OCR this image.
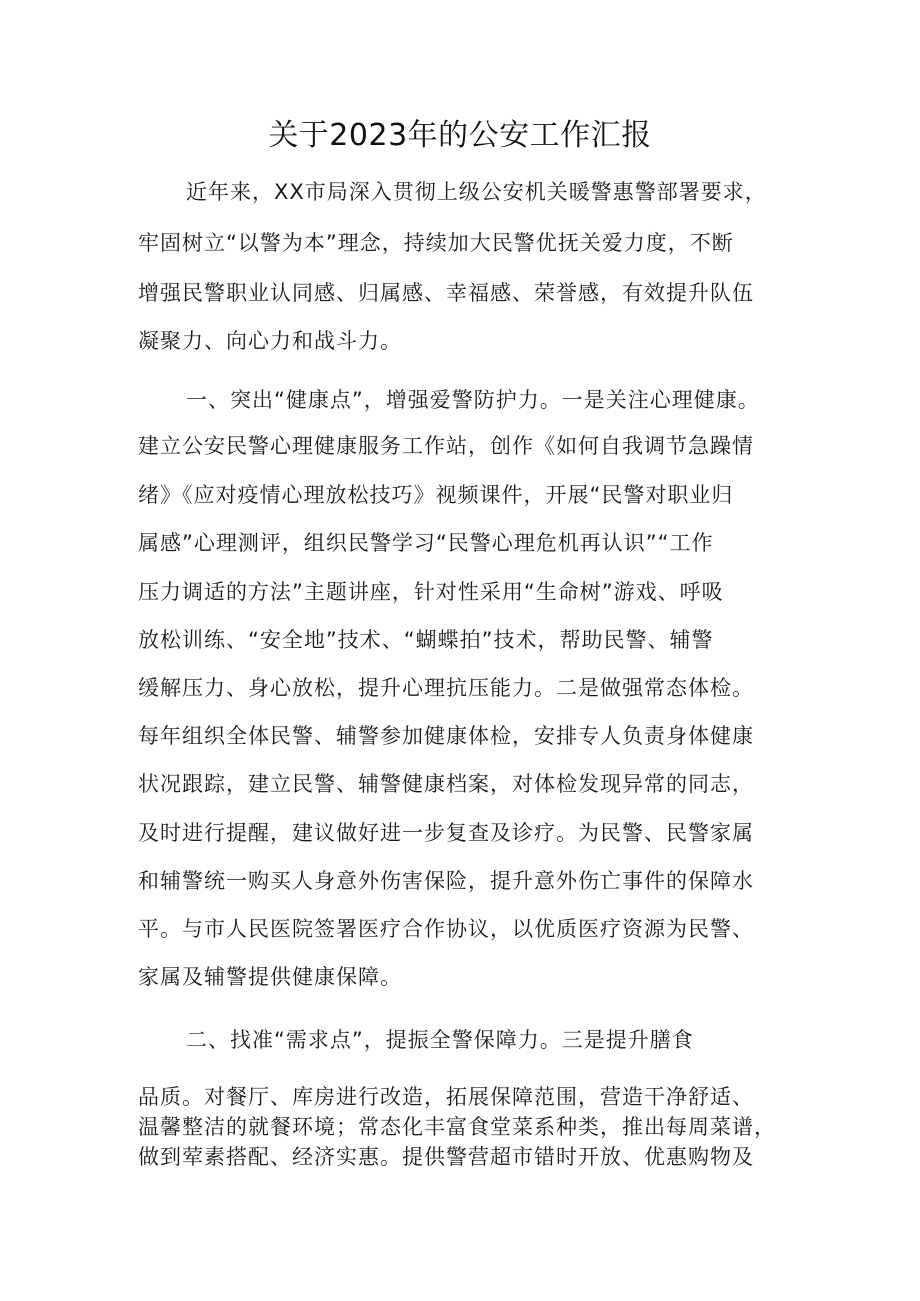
关于2023年的公安工作汇报
近年来，XX市局深入贯彻上级公安机关暖警惠警部署要求，
牢固树立“以警为本”理念，持续加大民警优抚关爱力度，不断
增强民警职业认同感、归属感、幸福感、荣誉感，有效提升队伍
凝聚力、向心力和战斗力。
一、突出“健康点”，增强爱警防护力。一是关注心理健康。
建立公安民警心理健康服务工作站，创作《如何自我调节急躁情
绪》《应对疫情心理放松技巧》视频课件，开展“民警对职业归
属感”心理测评，组织民警学习“民警心理危机再认识”“工作
压力调适的方法”主题讲座，针对性采用“生命树”游戏、呼吸
放松训练、“安全地”技术、“蝴蝶拍”技术，帮助民警、辅警
缓解压力、身心放松，提升心理抗压能力。二是做强常态体检。
每年组织全体民警、辅警参加健康体检，安排专人负责身体健康
状况跟踪，建立民警、辅警健康档案，对体检发现异常的同志，
及时进行提醒，建议做好进一步复查及诊疗。为民警、民警家属
和辅警统一购买人身意外伤害保险，提升意外伤亡事件的保障水
平。与市人民医院签署医疗合作协议，以优质医疗资源为民警、
家属及辅警提供健康保障。
二、找准“需求点”，提振全警保障力。三是提升膳食
品质。对餐厅、库房进行改造，拓展保障范围，营造干净舒适、
温馨整洁的就餐环境；常态化丰富食堂菜系种类，推出每周菜谱，
做到荤素搭配、经济实惠。提供警营超市错时开放、优惠购物及
